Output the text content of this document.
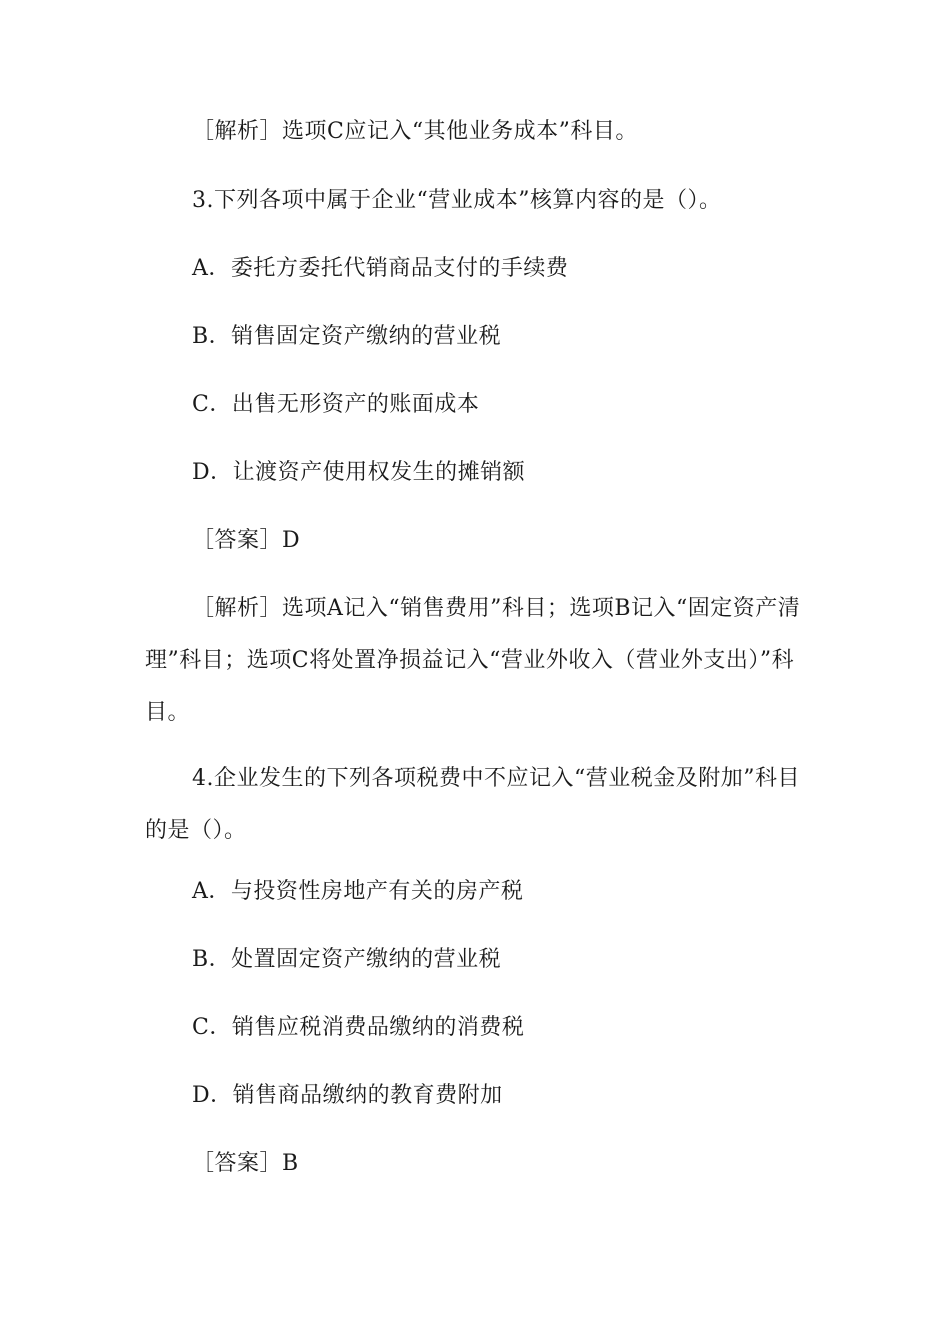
［解析］选项C应记入“其他业务成本”科目。
3.下列各项中属于企业“营业成本”核算内容的是（）。
A．委托方委托代销商品支付的手续费
B．销售固定资产缴纳的营业税
C．出售无形资产的账面成本
D．让渡资产使用权发生的摊销额
［答案］D
［解析］选项A记入“销售费用”科目；选项B记入“固定资产清理”科目；选项C将处置净损益记入“营业外收入（营业外支出）”科目。
4.企业发生的下列各项税费中不应记入“营业税金及附加”科目的是（）。
A．与投资性房地产有关的房产税
B．处置固定资产缴纳的营业税
C．销售应税消费品缴纳的消费税
D．销售商品缴纳的教育费附加
［答案］B
